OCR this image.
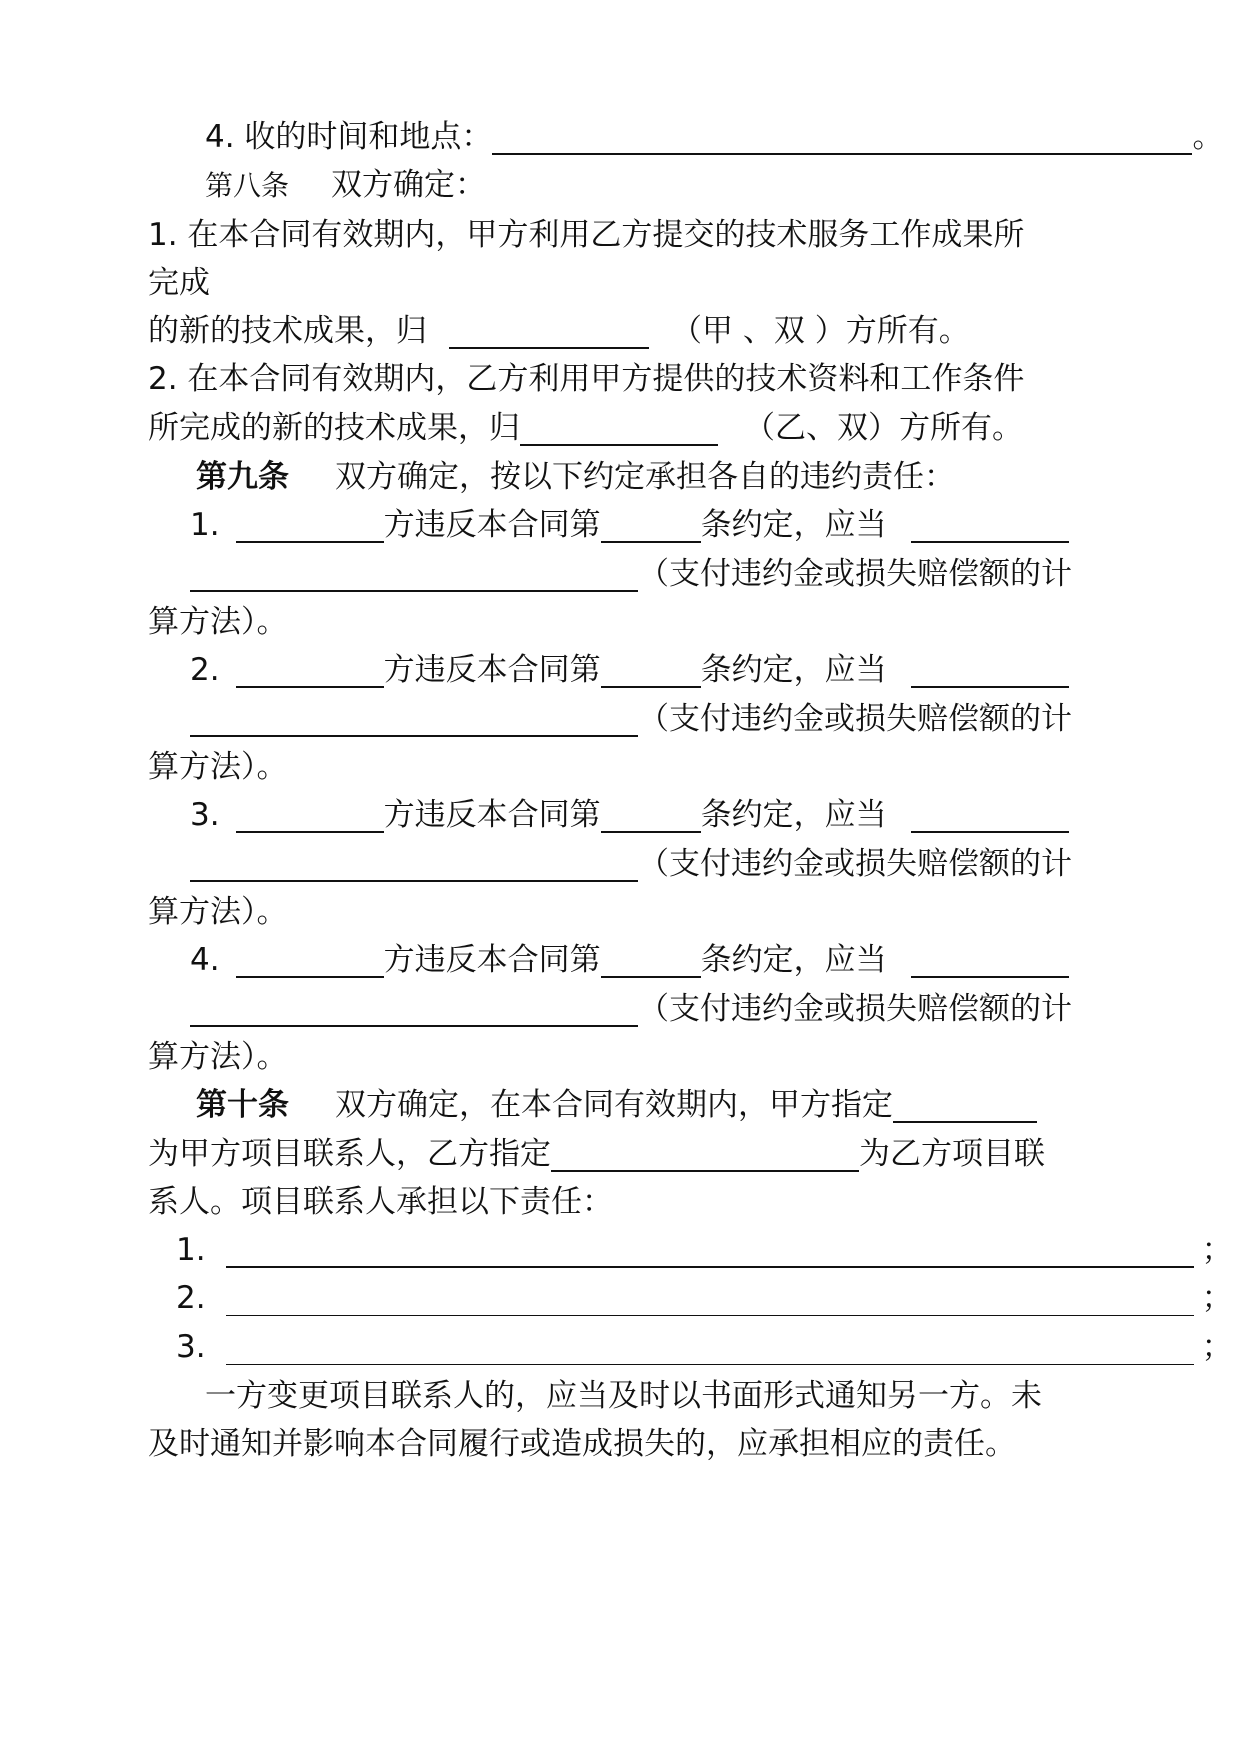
4. 收的时间和地点：	。
第八条 双方确定：
1. 在本合同有效期内，甲方利用乙方提交的技术服务工作成果所
完成
的新的技术成果，归	（甲 、双 ）方所有。
2. 在本合同有效期内，乙方利用甲方提供的技术资料和工作条件
所完成的新的技术成果，归	（乙、双）方所有。
第九条 双方确定，按以下约定承担各自的违约责任：
1.	方违反本合同第	条约定，应当
（支付违约金或损失赔偿额的计
算方法）。
2.	方违反本合同第	条约定，应当
（支付违约金或损失赔偿额的计
算方法）。
3.	方违反本合同第	条约定，应当
（支付违约金或损失赔偿额的计
算方法）。
4.	方违反本合同第	条约定，应当
（支付违约金或损失赔偿额的计
算方法）。
第十条 双方确定，在本合同有效期内，甲方指定
为甲方项目联系人，乙方指定	为乙方项目联
系人。项目联系人承担以下责任：
1.	；
2.	；
3.	；
一方变更项目联系人的，应当及时以书面形式通知另一方。未
及时通知并影响本合同履行或造成损失的，应承担相应的责任。
